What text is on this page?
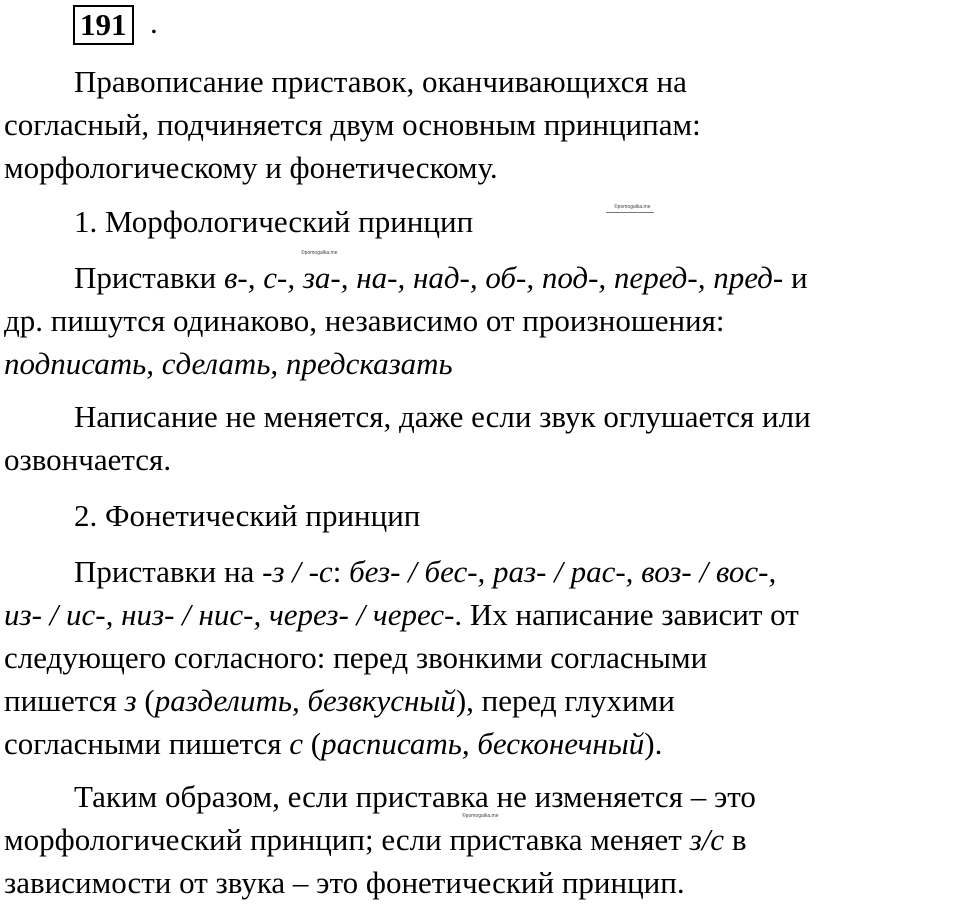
191 .

Правописание приставок, оканчивающихся на

согласный, подчиняется двум основным принципам:

морфологическому и фонетическому.

1. Морфологический принцип

Приставки в-, с-, за-, на-, над-, об-, под-, перед-, пред- и

др. пишутся одинаково, независимо от произношения:

подписать, сделать, предсказать

Написание не меняется, даже если звук оглушается или

озвончается.

2. Фонетический принцип

Приставки на -з / -с: без- / бес-, раз- / рас-, воз- / вос-,

из- / ис-, низ- / нис-, через- / черес-. Их написание зависит от

следующего согласного: перед звонкими согласными

пишется з (разделить, безвкусный), перед глухими

согласными пишется с (расписать, бесконечный).

Таким образом, если приставка не изменяется – это

морфологический принцип; если приставка меняет з/с в

зависимости от звука – это фонетический принцип.

©pomogalka.me
©pomogalka.me
©pomogalka.me
